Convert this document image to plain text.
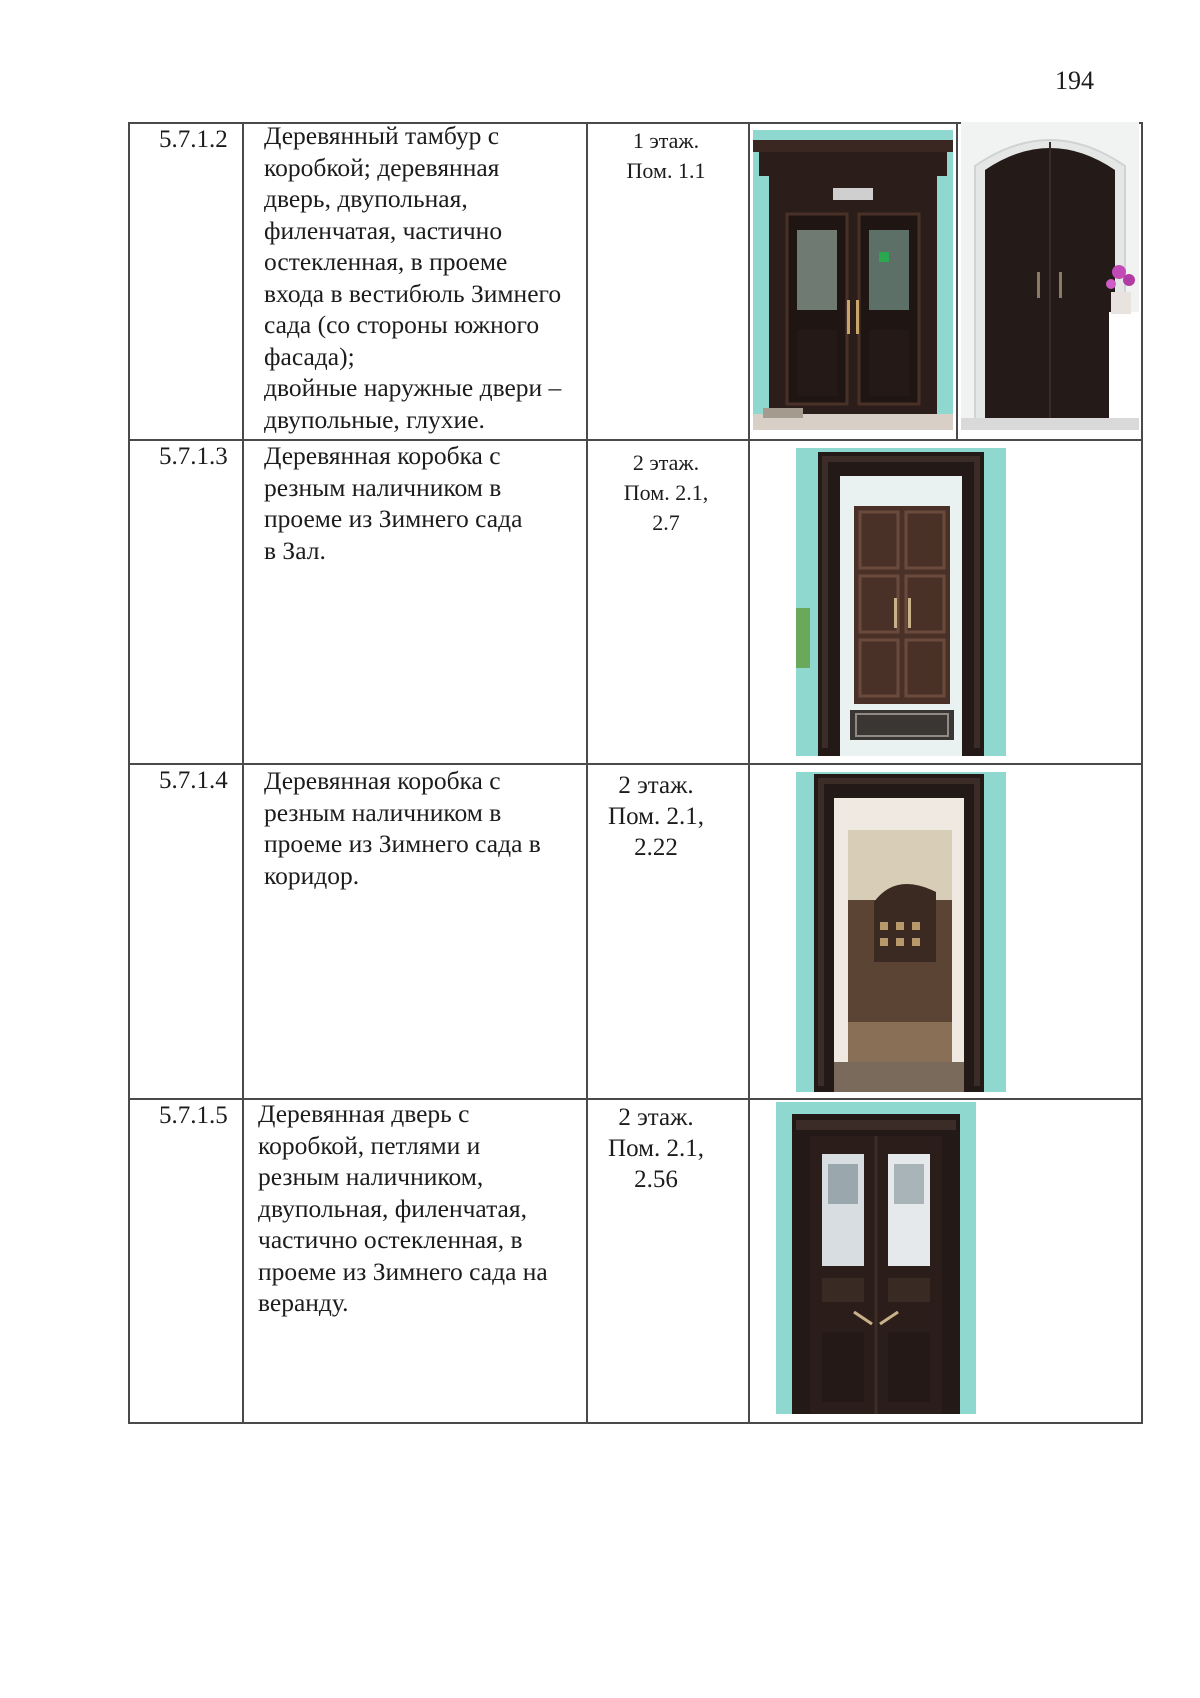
194
5.7.1.2 Деревянный тамбур с
коробкой; деревянная
дверь, двупольная,
филенчатая, частично
остекленная, в проеме
входа в вестибюль Зимнего
сада (со стороны южного
фасада);
двойные наружные двери –
двупольные, глухие.
1 этаж.
Пом. 1.1
5.7.1.3 Деревянная коробка с
резным наличником в
проеме из Зимнего сада
в Зал.
2 этаж.
Пом. 2.1,
2.7
5.7.1.4 Деревянная коробка с
резным наличником в
проеме из Зимнего сада в
коридор.
2 этаж.
Пом. 2.1,
2.22
5.7.1.5 Деревянная дверь с
коробкой, петлями и
резным наличником,
двупольная, филенчатая,
частично остекленная, в
проеме из Зимнего сада на
веранду.
2 этаж.
Пом. 2.1,
2.56
